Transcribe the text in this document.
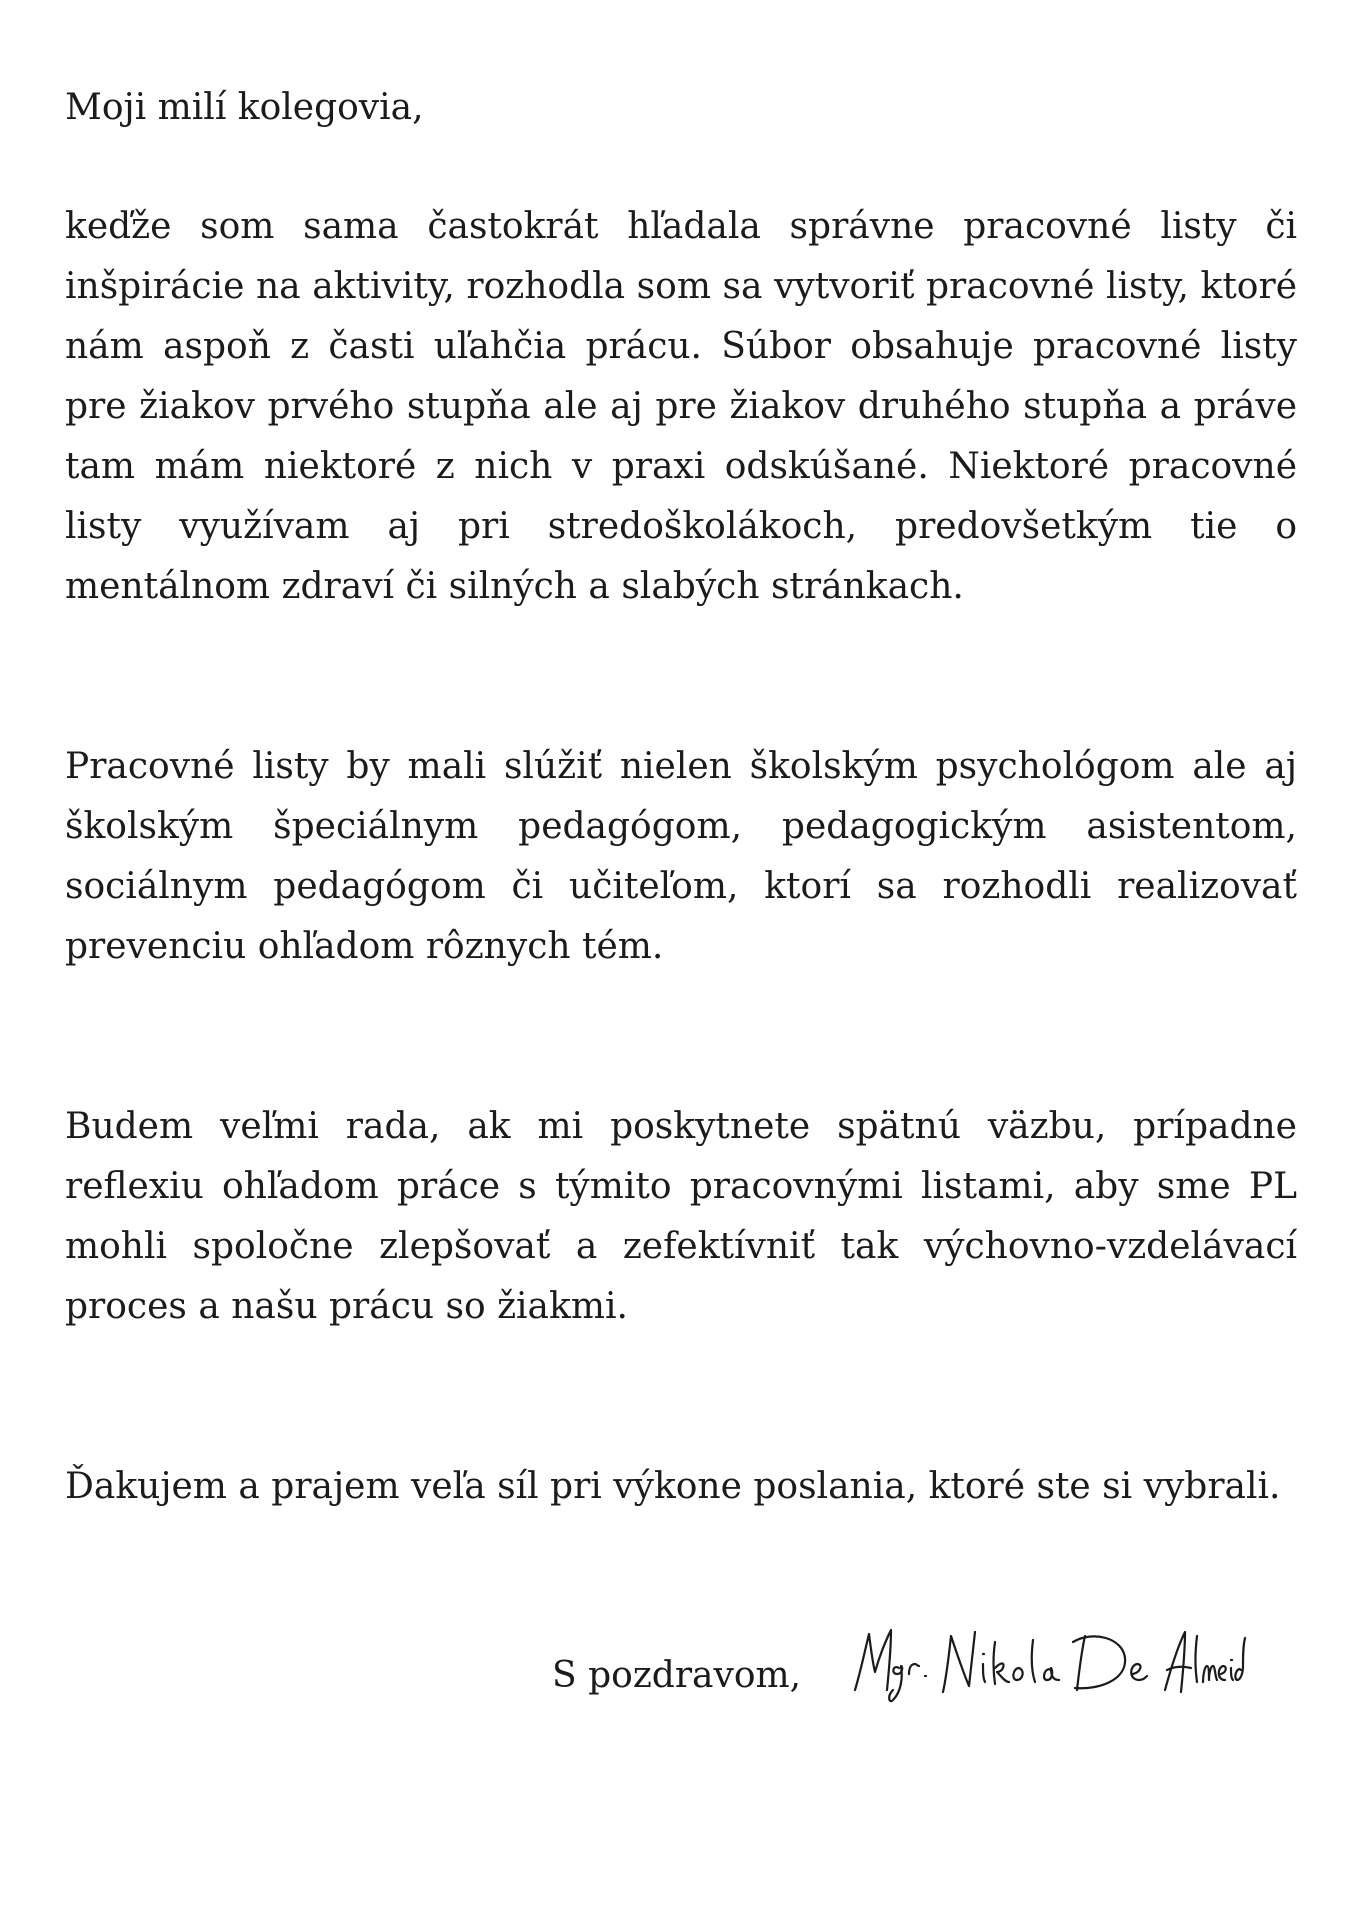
Moji milí kolegovia,

keďže som sama častokrát hľadala správne pracovné listy či inšpirácie na aktivity, rozhodla som sa vytvoriť pracovné listy, ktoré nám aspoň z časti uľahčia prácu. Súbor obsahuje pracovné listy pre žiakov prvého stupňa ale aj pre žiakov druhého stupňa a práve tam mám niektoré z nich v praxi odskúšané. Niektoré pracovné listy využívam aj pri stredoškolákoch, predovšetkým tie o mentálnom zdraví či silných a slabých stránkach.

Pracovné listy by mali slúžiť nielen školským psychológom ale aj školským špeciálnym pedagógom, pedagogickým asistentom, sociálnym pedagógom či učiteľom, ktorí sa rozhodli realizovať prevenciu ohľadom rôznych tém.

Budem veľmi rada, ak mi poskytnete spätnú väzbu, prípadne reflexiu ohľadom práce s týmito pracovnými listami, aby sme PL mohli spoločne zlepšovať a zefektívniť tak výchovno-vzdelávací proces a našu prácu so žiakmi.

Ďakujem a prajem veľa síl pri výkone poslania, ktoré ste si vybrali.

S pozdravom,
